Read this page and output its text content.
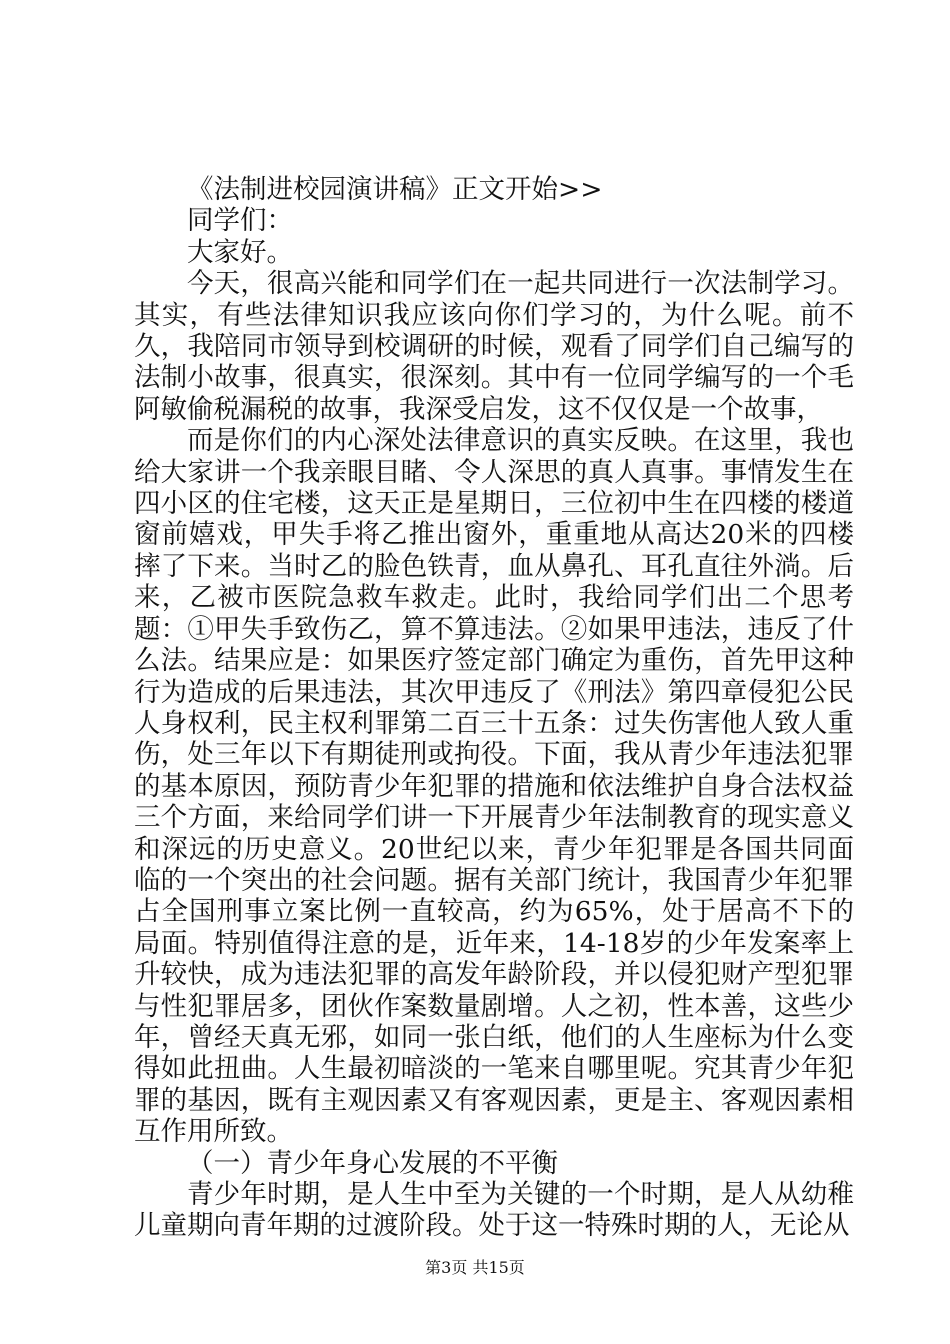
《法制进校园演讲稿》正文开始>>

同学们：

大家好。

今天，很高兴能和同学们在一起共同进行一次法制学习。其实，有些法律知识我应该向你们学习的，为什么呢。前不久，我陪同市领导到校调研的时候，观看了同学们自己编写的法制小故事，很真实，很深刻。其中有一位同学编写的一个毛阿敏偷税漏税的故事，我深受启发，这不仅仅是一个故事，

而是你们的内心深处法律意识的真实反映。在这里，我也给大家讲一个我亲眼目睹、令人深思的真人真事。事情发生在四小区的住宅楼，这天正是星期日，三位初中生在四楼的楼道窗前嬉戏，甲失手将乙推出窗外，重重地从高达20米的四楼摔了下来。当时乙的脸色铁青，血从鼻孔、耳孔直往外淌。后来，乙被市医院急救车救走。此时，我给同学们出二个思考题：①甲失手致伤乙，算不算违法。②如果甲违法，违反了什么法。结果应是：如果医疗签定部门确定为重伤，首先甲这种行为造成的后果违法，其次甲违反了《刑法》第四章侵犯公民人身权利，民主权利罪第二百三十五条：过失伤害他人致人重伤，处三年以下有期徒刑或拘役。下面，我从青少年违法犯罪的基本原因，预防青少年犯罪的措施和依法维护自身合法权益三个方面，来给同学们讲一下开展青少年法制教育的现实意义和深远的历史意义。20世纪以来，青少年犯罪是各国共同面临的一个突出的社会问题。据有关部门统计，我国青少年犯罪占全国刑事立案比例一直较高，约为65%，处于居高不下的局面。特别值得注意的是，近年来，14-18岁的少年发案率上升较快，成为违法犯罪的高发年龄阶段，并以侵犯财产型犯罪与性犯罪居多，团伙作案数量剧增。人之初，性本善，这些少年，曾经天真无邪，如同一张白纸，他们的人生座标为什么变得如此扭曲。人生最初暗淡的一笔来自哪里呢。究其青少年犯罪的基因，既有主观因素又有客观因素，更是主、客观因素相互作用所致。

（一）青少年身心发展的不平衡

青少年时期，是人生中至为关键的一个时期，是人从幼稚儿童期向青年期的过渡阶段。处于这一特殊时期的人，无论从

第3页 共15页
